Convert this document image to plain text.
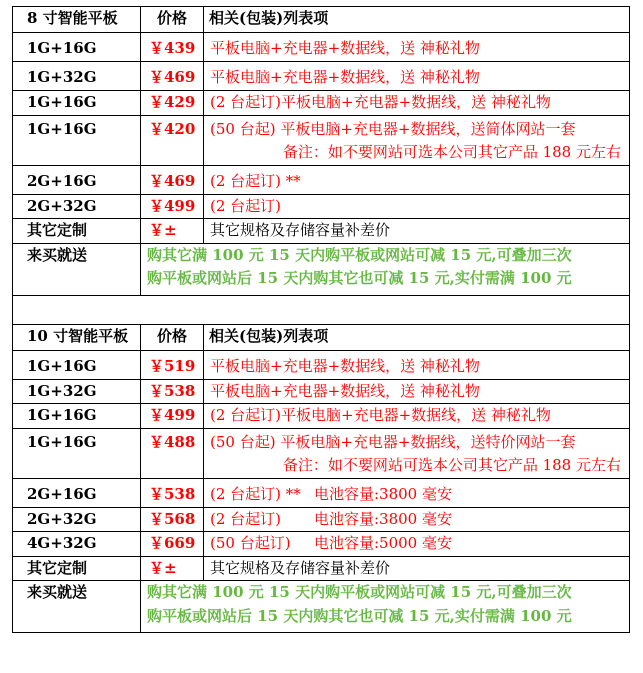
8 寸智能平板	价格	相关(包装)列表项

1G+16G	￥439	平板电脑+充电器+数据线，送 神秘礼物

1G+32G	￥469	平板电脑+充电器+数据线，送 神秘礼物

1G+16G	￥429	(2 台起订)平板电脑+充电器+数据线，送 神秘礼物

1G+16G	￥420	(50 台起) 平板电脑+充电器+数据线，送简体网站一套
备注：如不要网站可选本公司其它产品 188 元左右

2G+16G	￥469	(2 台起订) **

2G+32G	￥499	(2 台起订)

其它定制	￥±	其它规格及存储容量补差价

来买就送	购其它满 100 元 15 天内购平板或网站可减 15 元,可叠加三次
购平板或网站后 15 天内购其它也可减 15 元,实付需满 100 元	

10 寸智能平板	价格	相关(包装)列表项

1G+16G	￥519	平板电脑+充电器+数据线，送 神秘礼物

1G+32G	￥538	平板电脑+充电器+数据线，送 神秘礼物

1G+16G	￥499	(2 台起订)平板电脑+充电器+数据线，送 神秘礼物

1G+16G	￥488	(50 台起) 平板电脑+充电器+数据线，送特价网站一套
备注：如不要网站可选本公司其它产品 188 元左右

2G+16G	￥538	(2 台起订) ** 电池容量:3800 毫安

2G+32G	￥568	(2 台起订) 电池容量:3800 毫安

4G+32G	￥669	(50 台起订) 电池容量:5000 毫安

其它定制	￥±	其它规格及存储容量补差价

来买就送	购其它满 100 元 15 天内购平板或网站可减 15 元,可叠加三次
购平板或网站后 15 天内购其它也可减 15 元,实付需满 100 元	
